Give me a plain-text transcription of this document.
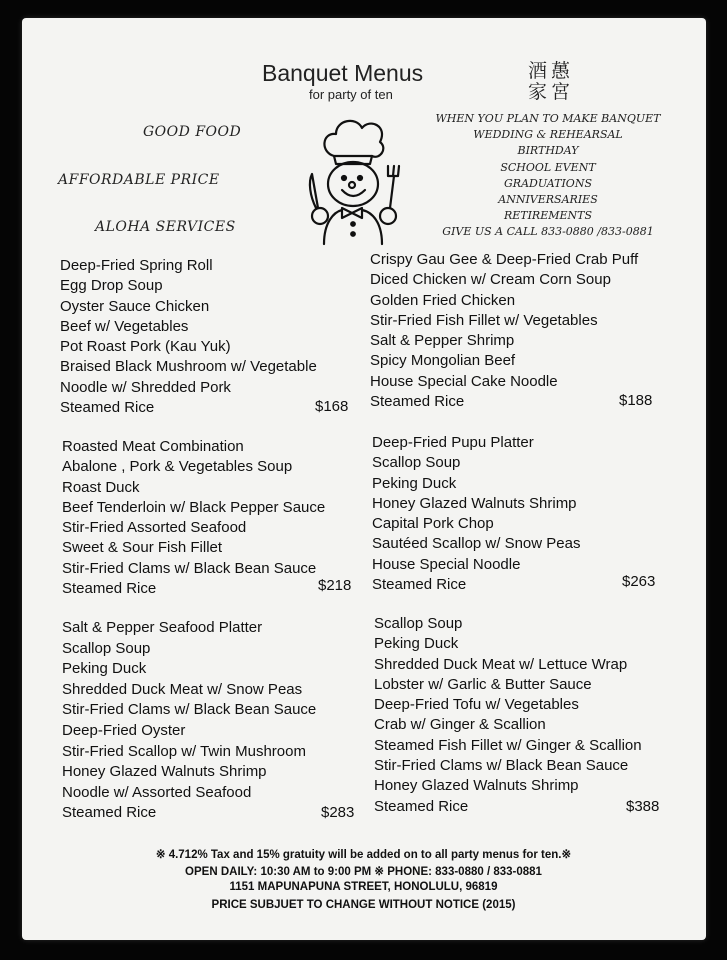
Banquet Menus
for party of ten
酒 𦽳
家 宮
GOOD FOOD
AFFORDABLE PRICE
ALOHA SERVICES
WHEN YOU PLAN TO MAKE BANQUET
WEDDING & REHEARSAL
BIRTHDAY
SCHOOL EVENT
GRADUATIONS
ANNIVERSARIES
RETIREMENTS
GIVE US A CALL 833-0880 /833-0881
Deep-Fried Spring Roll
Egg Drop Soup
Oyster Sauce Chicken
Beef w/ Vegetables
Pot Roast Pork (Kau Yuk)
Braised Black Mushroom w/ Vegetable
Noodle w/ Shredded Pork
Steamed Rice	$168
Crispy Gau Gee & Deep-Fried Crab Puff
Diced Chicken w/ Cream Corn Soup
Golden Fried Chicken
Stir-Fried Fish Fillet w/ Vegetables
Salt & Pepper Shrimp
Spicy Mongolian Beef
House Special Cake Noodle
Steamed Rice	$188
Roasted Meat Combination
Abalone , Pork & Vegetables Soup
Roast Duck
Beef Tenderloin w/ Black Pepper Sauce
Stir-Fried Assorted Seafood
Sweet & Sour Fish Fillet
Stir-Fried Clams w/ Black Bean Sauce
Steamed Rice	$218
Deep-Fried Pupu Platter
Scallop Soup
Peking Duck
Honey Glazed Walnuts Shrimp
Capital Pork Chop
Sautéed Scallop w/ Snow Peas
House Special Noodle
Steamed Rice	$263
Salt & Pepper Seafood Platter
Scallop Soup
Peking Duck
Shredded Duck Meat w/ Snow Peas
Stir-Fried Clams w/ Black Bean Sauce
Deep-Fried Oyster
Stir-Fried Scallop w/ Twin Mushroom
Honey Glazed Walnuts Shrimp
Noodle w/ Assorted Seafood
Steamed Rice	$283
Scallop Soup
Peking Duck
Shredded Duck Meat w/ Lettuce Wrap
Lobster w/ Garlic & Butter Sauce
Deep-Fried Tofu w/ Vegetables
Crab w/ Ginger & Scallion
Steamed Fish Fillet w/ Ginger & Scallion
Stir-Fried Clams w/ Black Bean Sauce
Honey Glazed Walnuts Shrimp
Steamed Rice	$388
※ 4.712% Tax and 15% gratuity will be added on to all party menus for ten.※
OPEN DAILY: 10:30 AM to 9:00 PM ※ PHONE: 833-0880 / 833-0881
1151 MAPUNAPUNA STREET, HONOLULU, 96819
PRICE SUBJUET TO CHANGE WITHOUT NOTICE (2015)
